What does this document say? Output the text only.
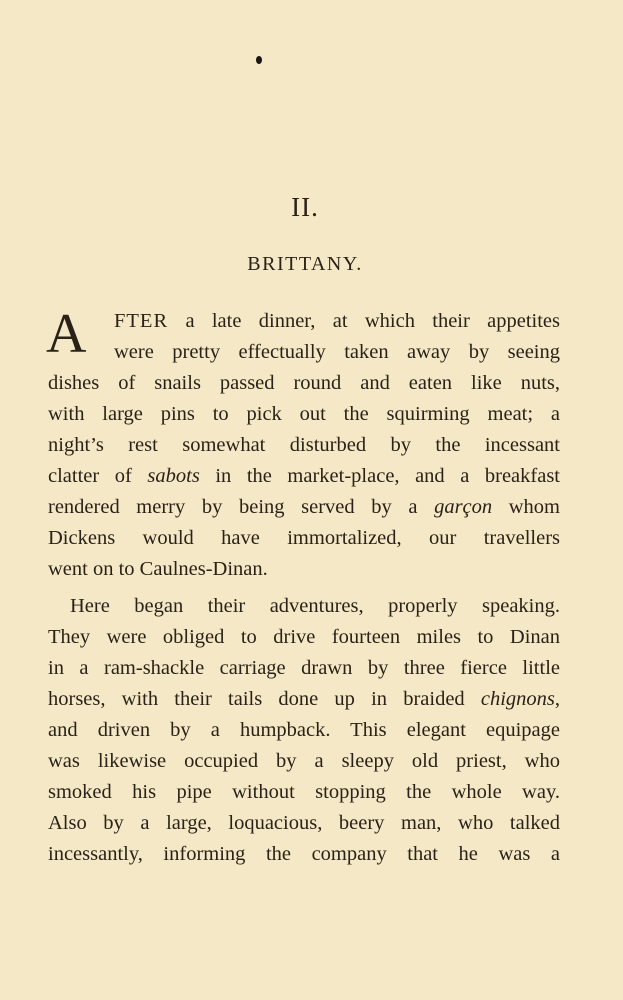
II.
BRITTANY.
A FTER a late dinner, at which their appetites
were pretty effectually taken away by seeing
dishes of snails passed round and eaten like nuts,
with large pins to pick out the squirming meat; a
night’s rest somewhat disturbed by the incessant
clatter of sabots in the market-place, and a breakfast
rendered merry by being served by a garçon whom
Dickens would have immortalized, our travellers
went on to Caulnes-Dinan.
Here began their adventures, properly speaking.
They were obliged to drive fourteen miles to Dinan
in a ram-shackle carriage drawn by three fierce little
horses, with their tails done up in braided chignons,
and driven by a humpback. This elegant equipage
was likewise occupied by a sleepy old priest, who
smoked his pipe without stopping the whole way.
Also by a large, loquacious, beery man, who talked
incessantly, informing the company that he was a
